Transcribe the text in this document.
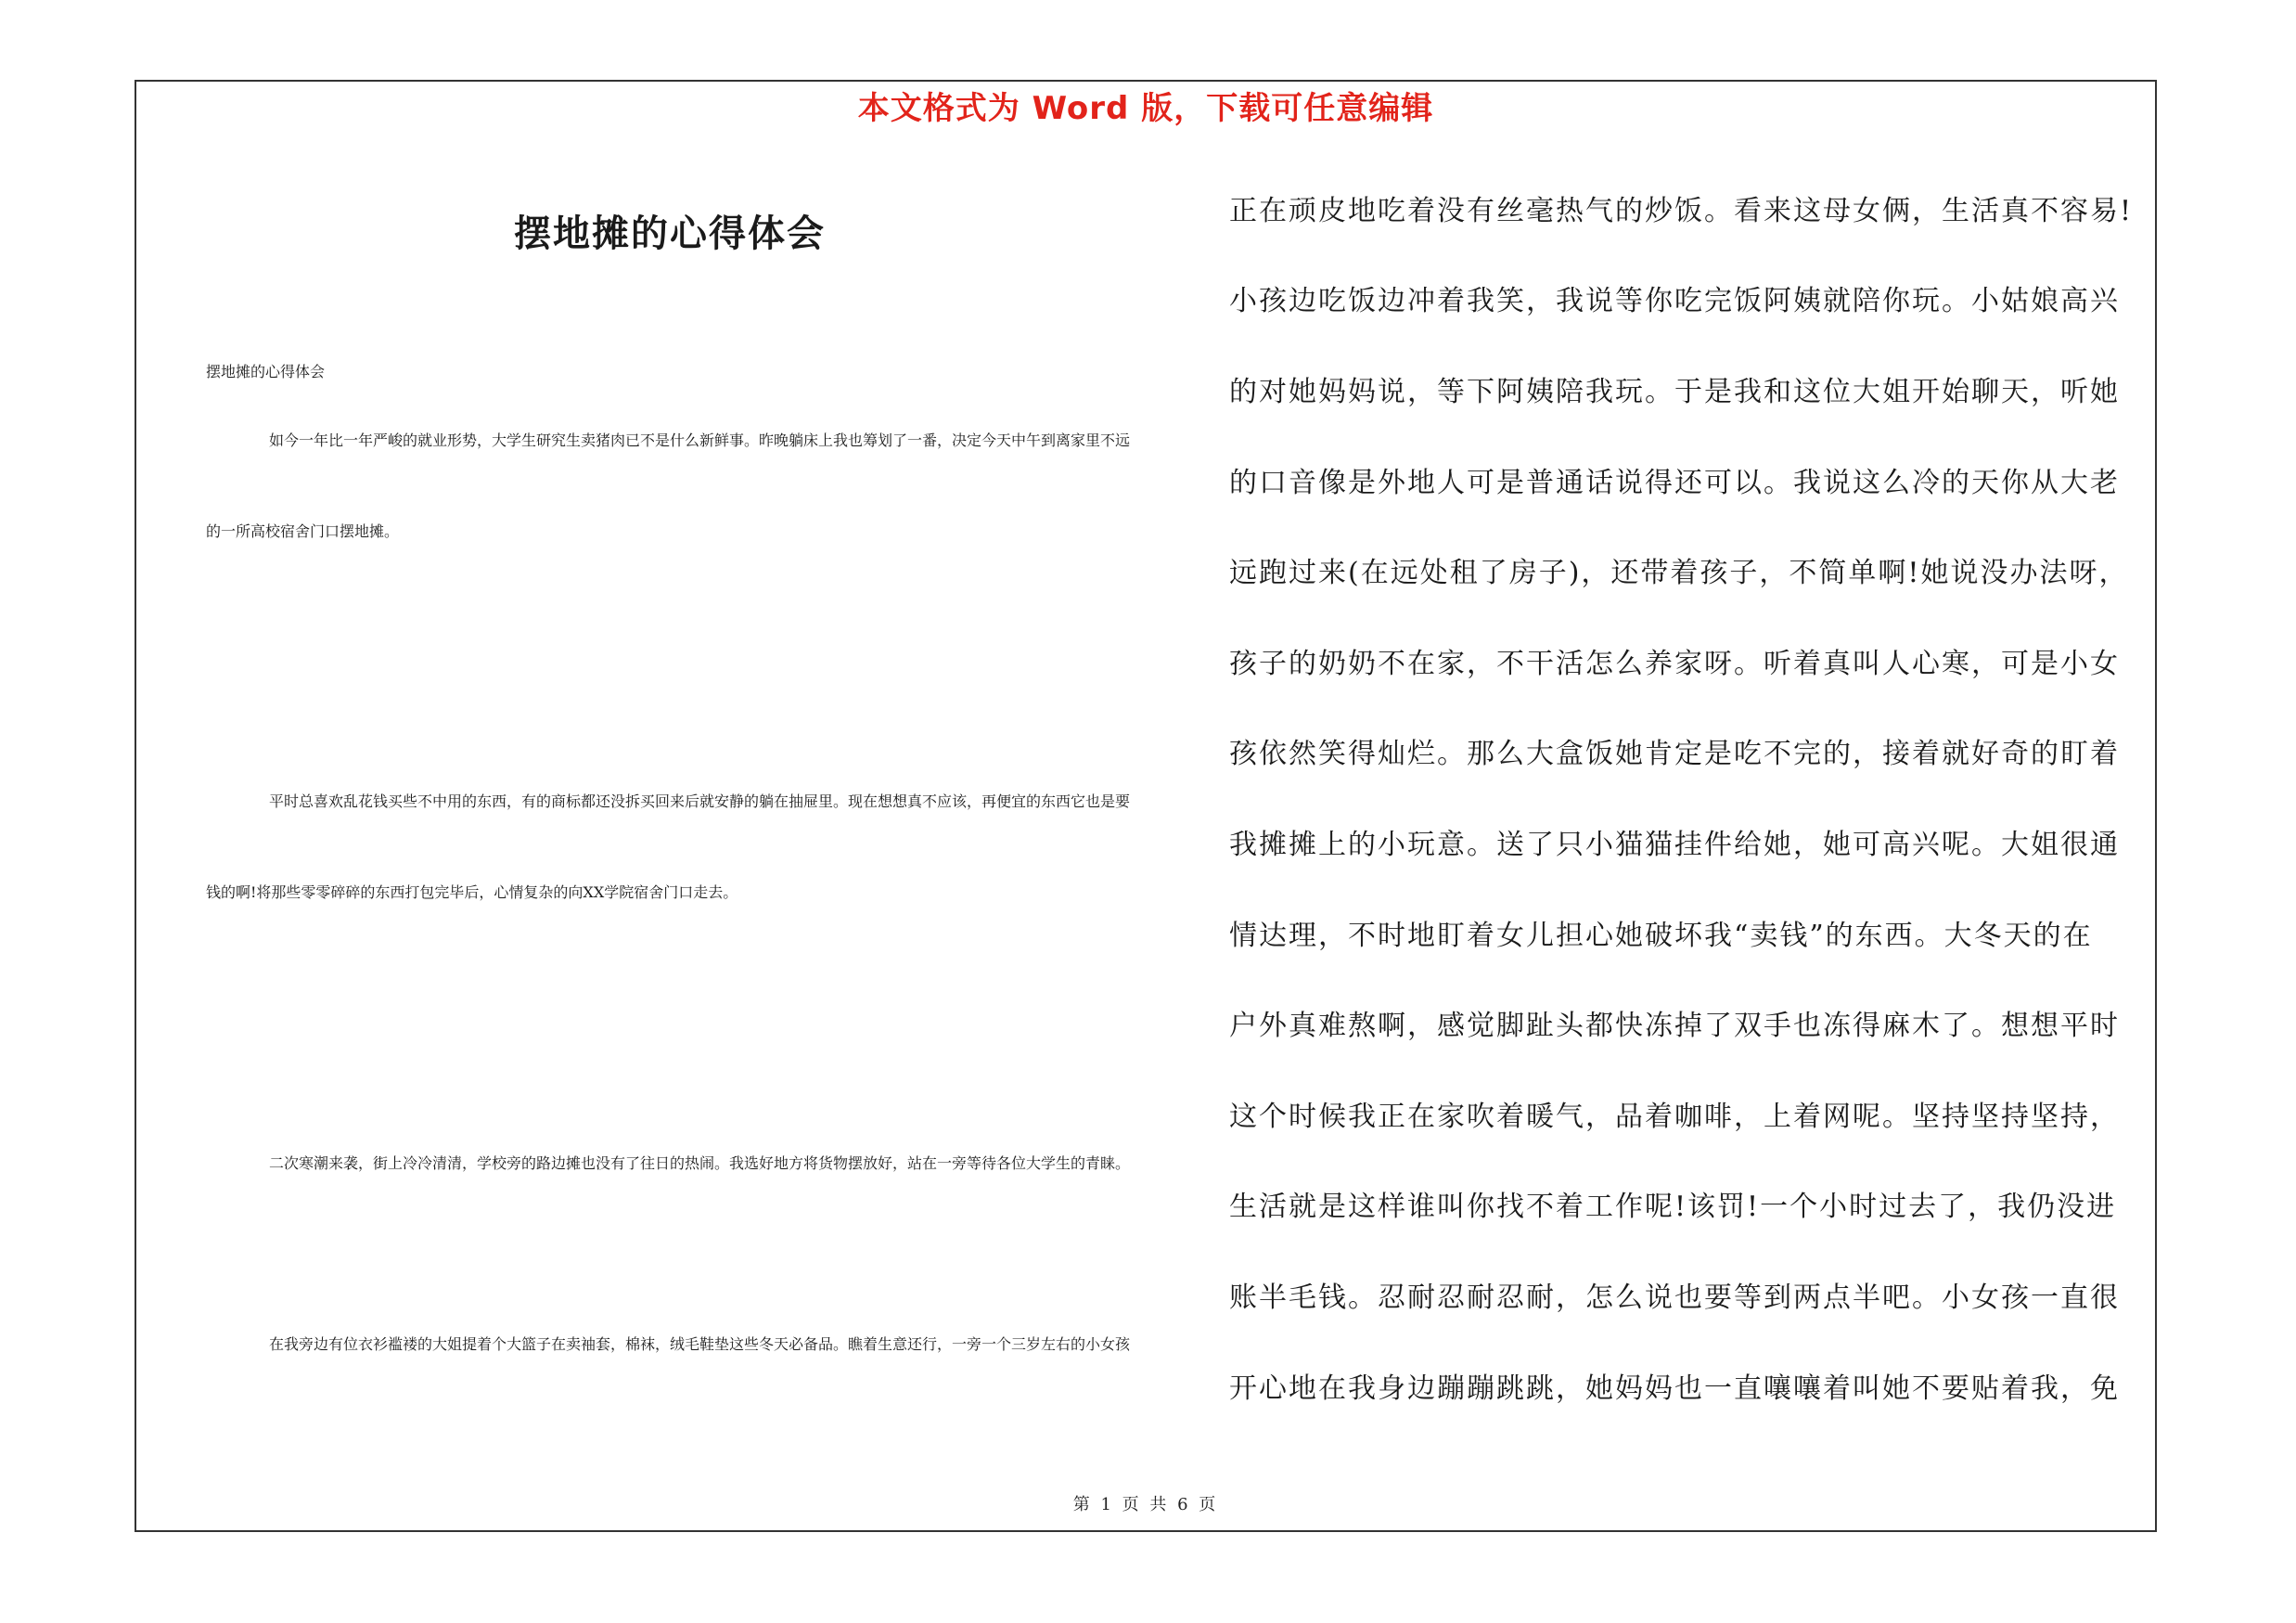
本文格式为 Word 版，下载可任意编辑
摆地摊的心得体会

摆地摊的心得体会

如今一年比一年严峻的就业形势，大学生研究生卖猪肉已不是什么新鲜事。昨晚躺床上我也筹划了一番，决定今天中午到离家里不远的一所高校宿舍门口摆地摊。

平时总喜欢乱花钱买些不中用的东西，有的商标都还没拆买回来后就安静的躺在抽屉里。现在想想真不应该，再便宜的东西它也是要钱的啊!将那些零零碎碎的东西打包完毕后，心情复杂的向XX学院宿舍门口走去。

二次寒潮来袭，街上冷冷清清，学校旁的路边摊也没有了往日的热闹。我选好地方将货物摆放好，站在一旁等待各位大学生的青睐。

在我旁边有位衣衫褴褛的大姐提着个大篮子在卖袖套，棉袜，绒毛鞋垫这些冬天必备品。瞧着生意还行，一旁一个三岁左右的小女孩

正在顽皮地吃着没有丝毫热气的炒饭。看来这母女俩，生活真不容易!

小孩边吃饭边冲着我笑，我说等你吃完饭阿姨就陪你玩。小姑娘高兴

的对她妈妈说，等下阿姨陪我玩。于是我和这位大姐开始聊天，听她

的口音像是外地人可是普通话说得还可以。我说这么冷的天你从大老

远跑过来(在远处租了房子)，还带着孩子，不简单啊!她说没办法呀，

孩子的奶奶不在家，不干活怎么养家呀。听着真叫人心寒，可是小女

孩依然笑得灿烂。那么大盒饭她肯定是吃不完的，接着就好奇的盯着

我摊摊上的小玩意。送了只小猫猫挂件给她，她可高兴呢。大姐很通

情达理，不时地盯着女儿担心她破坏我“卖钱”的东西。大冬天的在

户外真难熬啊，感觉脚趾头都快冻掉了双手也冻得麻木了。想想平时

这个时候我正在家吹着暖气，品着咖啡，上着网呢。坚持坚持坚持，

生活就是这样谁叫你找不着工作呢!该罚!一个小时过去了，我仍没进

账半毛钱。忍耐忍耐忍耐，怎么说也要等到两点半吧。小女孩一直很

开心地在我身边蹦蹦跳跳，她妈妈也一直嚷嚷着叫她不要贴着我，免

第 1 页 共 6 页
